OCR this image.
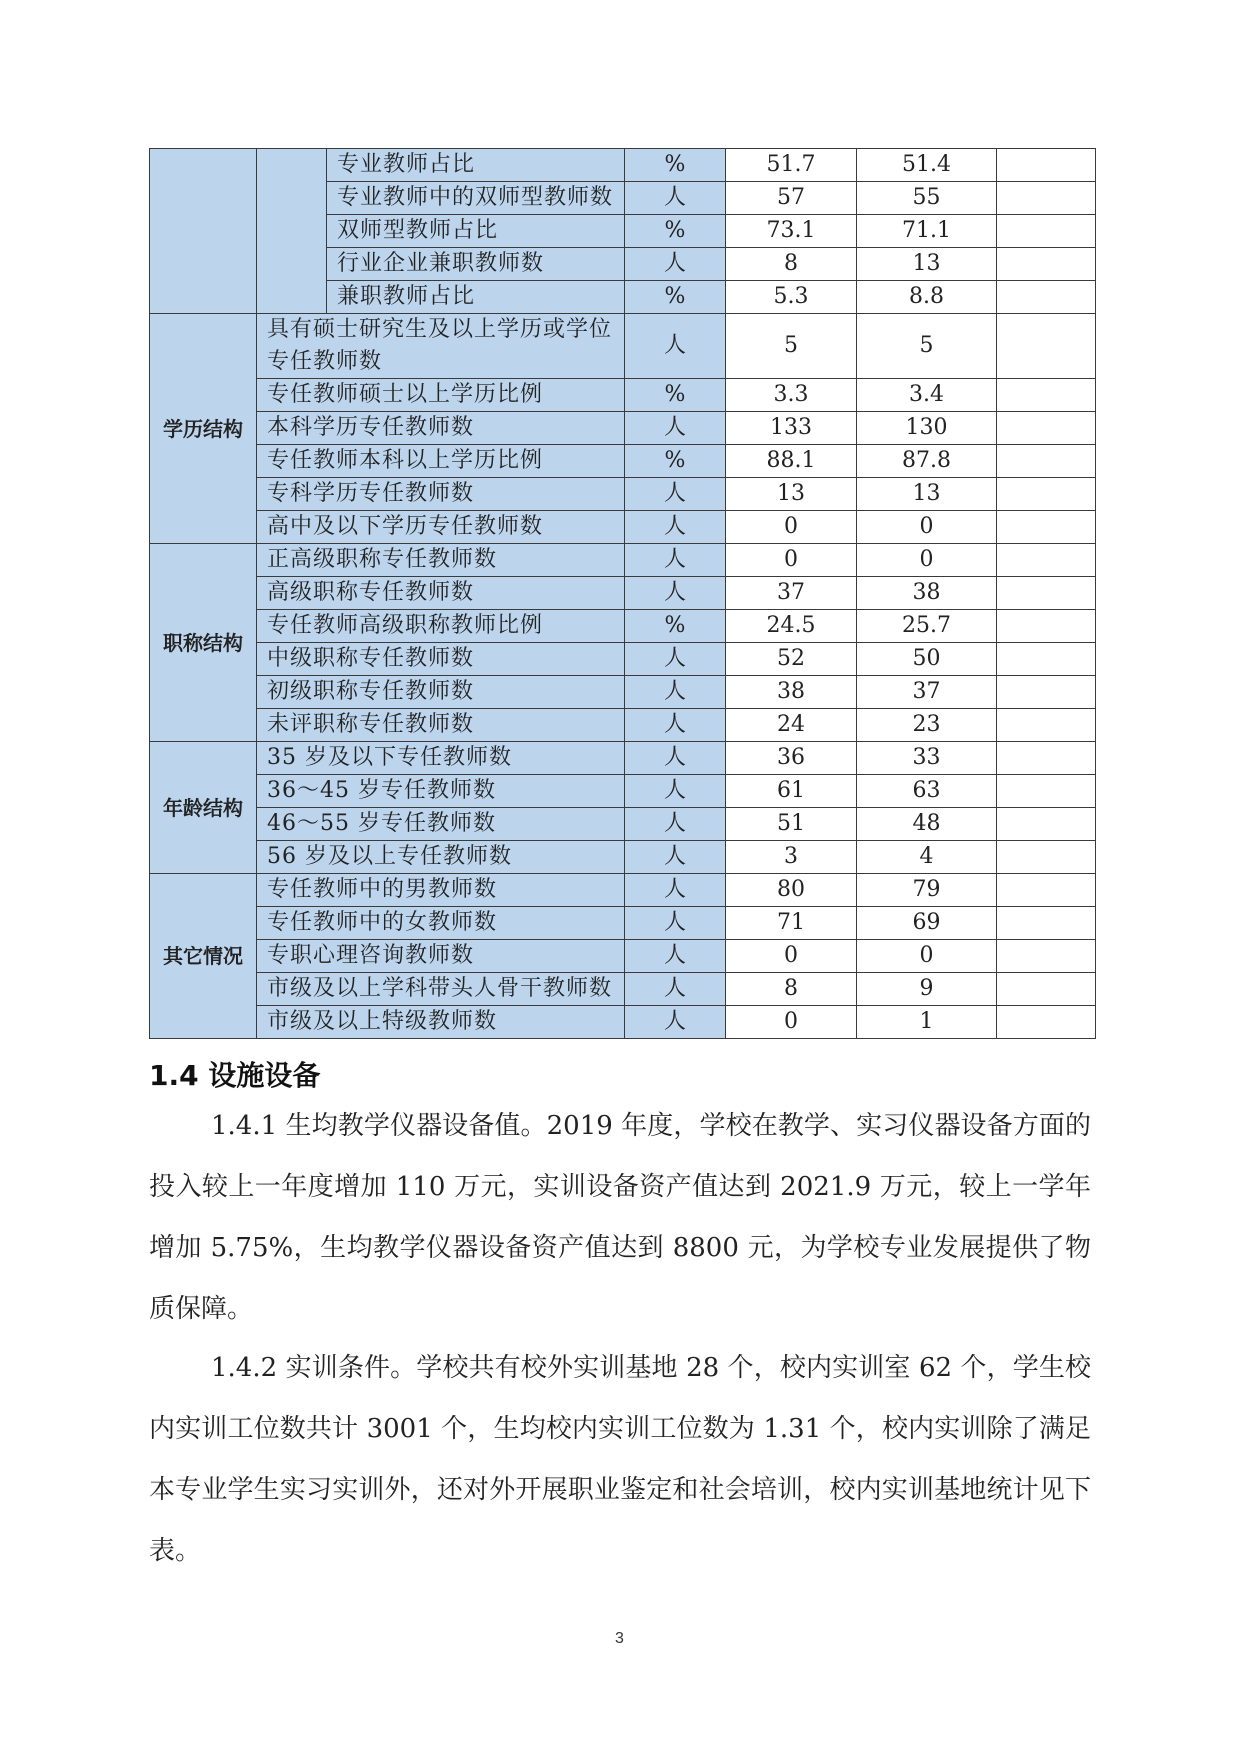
		专业教师占比	%	51.7	51.4	
		专业教师中的双师型教师数	人	57	55	
		双师型教师占比	%	73.1	71.1	
		行业企业兼职教师数	人	8	13	
		兼职教师占比	%	5.3	8.8	
学历结构	具有硕士研究生及以上学历或学位专任教师数		人	5	5	
	专任教师硕士以上学历比例		%	3.3	3.4	
	本科学历专任教师数		人	133	130	
	专任教师本科以上学历比例		%	88.1	87.8	
	专科学历专任教师数		人	13	13	
	高中及以下学历专任教师数		人	0	0	
职称结构	正高级职称专任教师数		人	0	0	
	高级职称专任教师数		人	37	38	
	专任教师高级职称教师比例		%	24.5	25.7	
	中级职称专任教师数		人	52	50	
	初级职称专任教师数		人	38	37	
	未评职称专任教师数		人	24	23	
年龄结构	35 岁及以下专任教师数		人	36	33	
	36～45 岁专任教师数		人	61	63	
	46～55 岁专任教师数		人	51	48	
	56 岁及以上专任教师数		人	3	4	
其它情况	专任教师中的男教师数		人	80	79	
	专任教师中的女教师数		人	71	69	
	专职心理咨询教师数		人	0	0	
	市级及以上学科带头人骨干教师数		人	8	9	
	市级及以上特级教师数		人	0	1	
1.4 设施设备

1.4.1 生均教学仪器设备值。2019 年度，学校在教学、实习仪器设备方面的投入较上一年度增加 110 万元，实训设备资产值达到 2021.9 万元，较上一学年增加 5.75%，生均教学仪器设备资产值达到 8800 元，为学校专业发展提供了物质保障。

1.4.2 实训条件。学校共有校外实训基地 28 个，校内实训室 62 个，学生校内实训工位数共计 3001 个，生均校内实训工位数为 1.31 个，校内实训除了满足本专业学生实习实训外，还对外开展职业鉴定和社会培训，校内实训基地统计见下表。

3
